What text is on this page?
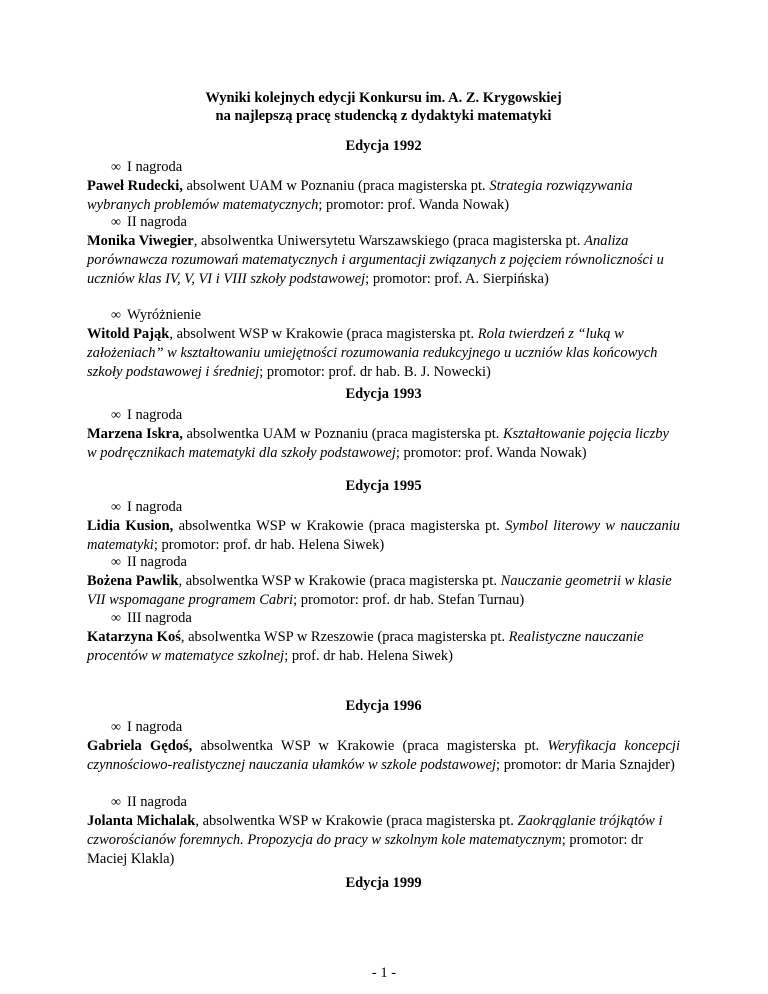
Wyniki kolejnych edycji Konkursu im. A. Z. Krygowskiej
na najlepszą pracę studencką z dydaktyki matematyki
Edycja 1992
∞ I nagroda
Paweł Rudecki, absolwent UAM w Poznaniu (praca magisterska pt. Strategia rozwiązywania wybranych problemów matematycznych; promotor: prof. Wanda Nowak)
∞ II nagroda
Monika Viwegier, absolwentka Uniwersytetu Warszawskiego (praca magisterska pt. Analiza porównawcza rozumowań matematycznych i argumentacji związanych z pojęciem równoliczności u uczniów klas IV, V, VI i VIII szkoły podstawowej; promotor: prof. A. Sierpińska)
∞ Wyróżnienie
Witold Pająk, absolwent WSP w Krakowie (praca magisterska pt. Rola twierdzeń z “luką w założeniach” w kształtowaniu umiejętności rozumowania redukcyjnego u uczniów klas końcowych szkoły podstawowej i średniej; promotor: prof. dr hab. B. J. Nowecki)
Edycja 1993
∞ I nagroda
Marzena Iskra, absolwentka UAM w Poznaniu (praca magisterska pt. Kształtowanie pojęcia liczby w podręcznikach matematyki dla szkoły podstawowej; promotor: prof. Wanda Nowak)
Edycja 1995
∞ I nagroda
Lidia Kusion, absolwentka WSP w Krakowie (praca magisterska pt. Symbol literowy w nauczaniu matematyki; promotor: prof. dr hab. Helena Siwek)
∞ II nagroda
Bożena Pawlik, absolwentka WSP w Krakowie (praca magisterska pt. Nauczanie geometrii w klasie VII wspomagane programem Cabri; promotor: prof. dr hab. Stefan Turnau)
∞ III nagroda
Katarzyna Koś, absolwentka WSP w Rzeszowie (praca magisterska pt. Realistyczne nauczanie procentów w matematyce szkolnej; prof. dr hab. Helena Siwek)
Edycja 1996
∞ I nagroda
Gabriela Gędoś, absolwentka WSP w Krakowie (praca magisterska pt. Weryfikacja koncepcji czynnościowo-realistycznej nauczania ułamków w szkole podstawowej; promotor: dr Maria Sznajder)
∞ II nagroda
Jolanta Michalak, absolwentka WSP w Krakowie (praca magisterska pt. Zaokrąglanie trójkątów i czworościanów foremnych. Propozycja do pracy w szkolnym kole matematycznym; promotor: dr Maciej Klakla)
Edycja 1999
- 1 -
